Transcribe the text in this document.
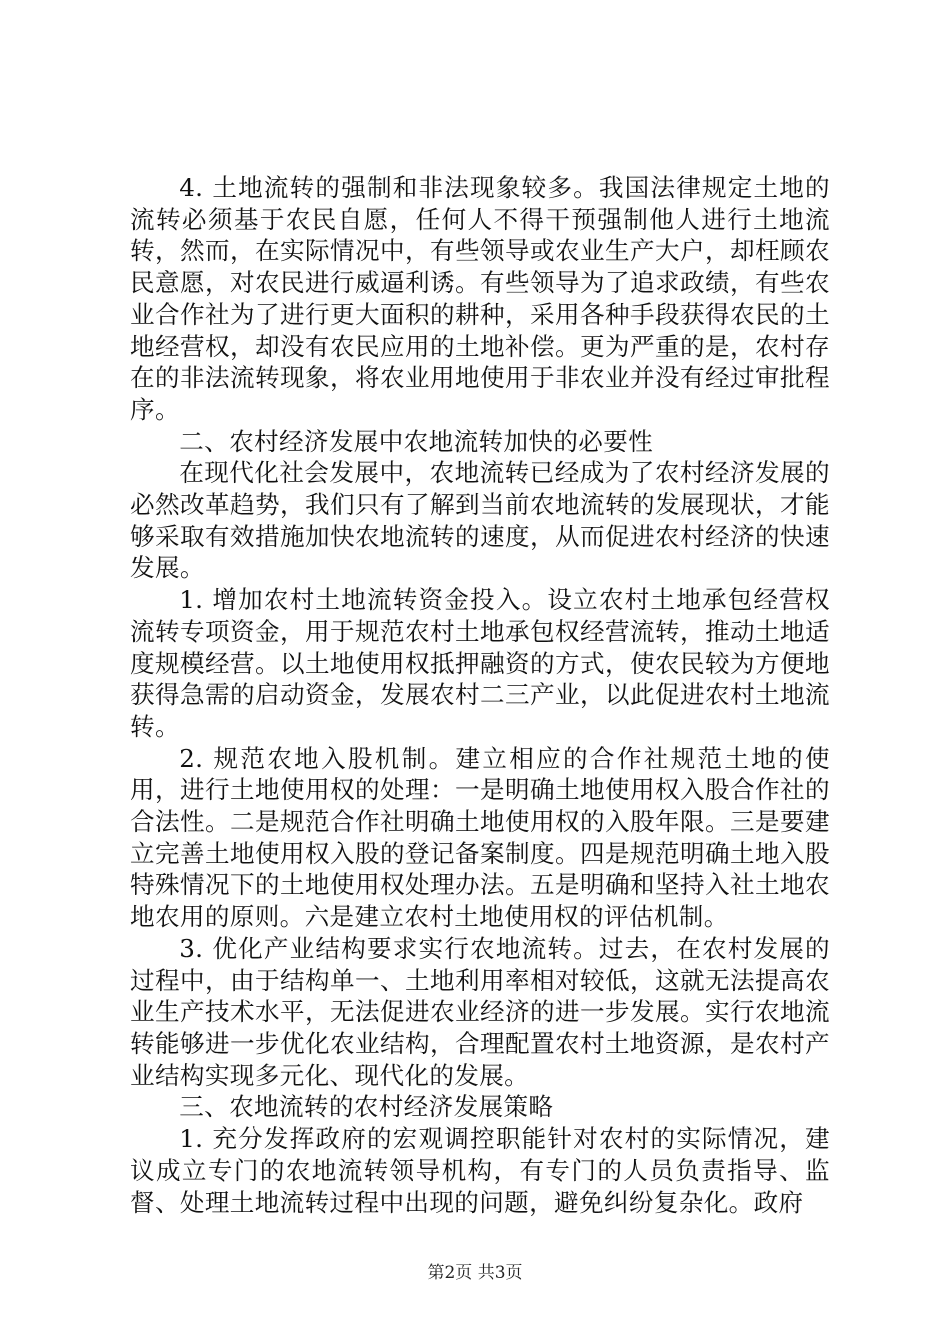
4. 土地流转的强制和非法现象较多。我国法律规定土地的流转必须基于农民自愿，任何人不得干预强制他人进行土地流转，然而，在实际情况中，有些领导或农业生产大户，却枉顾农民意愿，对农民进行威逼利诱。有些领导为了追求政绩，有些农业合作社为了进行更大面积的耕种，采用各种手段获得农民的土地经营权，却没有农民应用的土地补偿。更为严重的是，农村存在的非法流转现象，将农业用地使用于非农业并没有经过审批程序。

二、农村经济发展中农地流转加快的必要性

在现代化社会发展中，农地流转已经成为了农村经济发展的必然改革趋势，我们只有了解到当前农地流转的发展现状，才能够采取有效措施加快农地流转的速度，从而促进农村经济的快速发展。

1. 增加农村土地流转资金投入。设立农村土地承包经营权流转专项资金，用于规范农村土地承包权经营流转，推动土地适度规模经营。以土地使用权抵押融资的方式，使农民较为方便地获得急需的启动资金，发展农村二三产业，以此促进农村土地流转。

2. 规范农地入股机制。建立相应的合作社规范土地的使用，进行土地使用权的处理：一是明确土地使用权入股合作社的合法性。二是规范合作社明确土地使用权的入股年限。三是要建立完善土地使用权入股的登记备案制度。四是规范明确土地入股特殊情况下的土地使用权处理办法。五是明确和坚持入社土地农地农用的原则。六是建立农村土地使用权的评估机制。

3. 优化产业结构要求实行农地流转。过去，在农村发展的过程中，由于结构单一、土地利用率相对较低，这就无法提高农业生产技术水平，无法促进农业经济的进一步发展。实行农地流转能够进一步优化农业结构，合理配置农村土地资源，是农村产业结构实现多元化、现代化的发展。

三、农地流转的农村经济发展策略

1. 充分发挥政府的宏观调控职能针对农村的实际情况，建议成立专门的农地流转领导机构，有专门的人员负责指导、监督、处理土地流转过程中出现的问题，避免纠纷复杂化。政府

第2页 共3页
